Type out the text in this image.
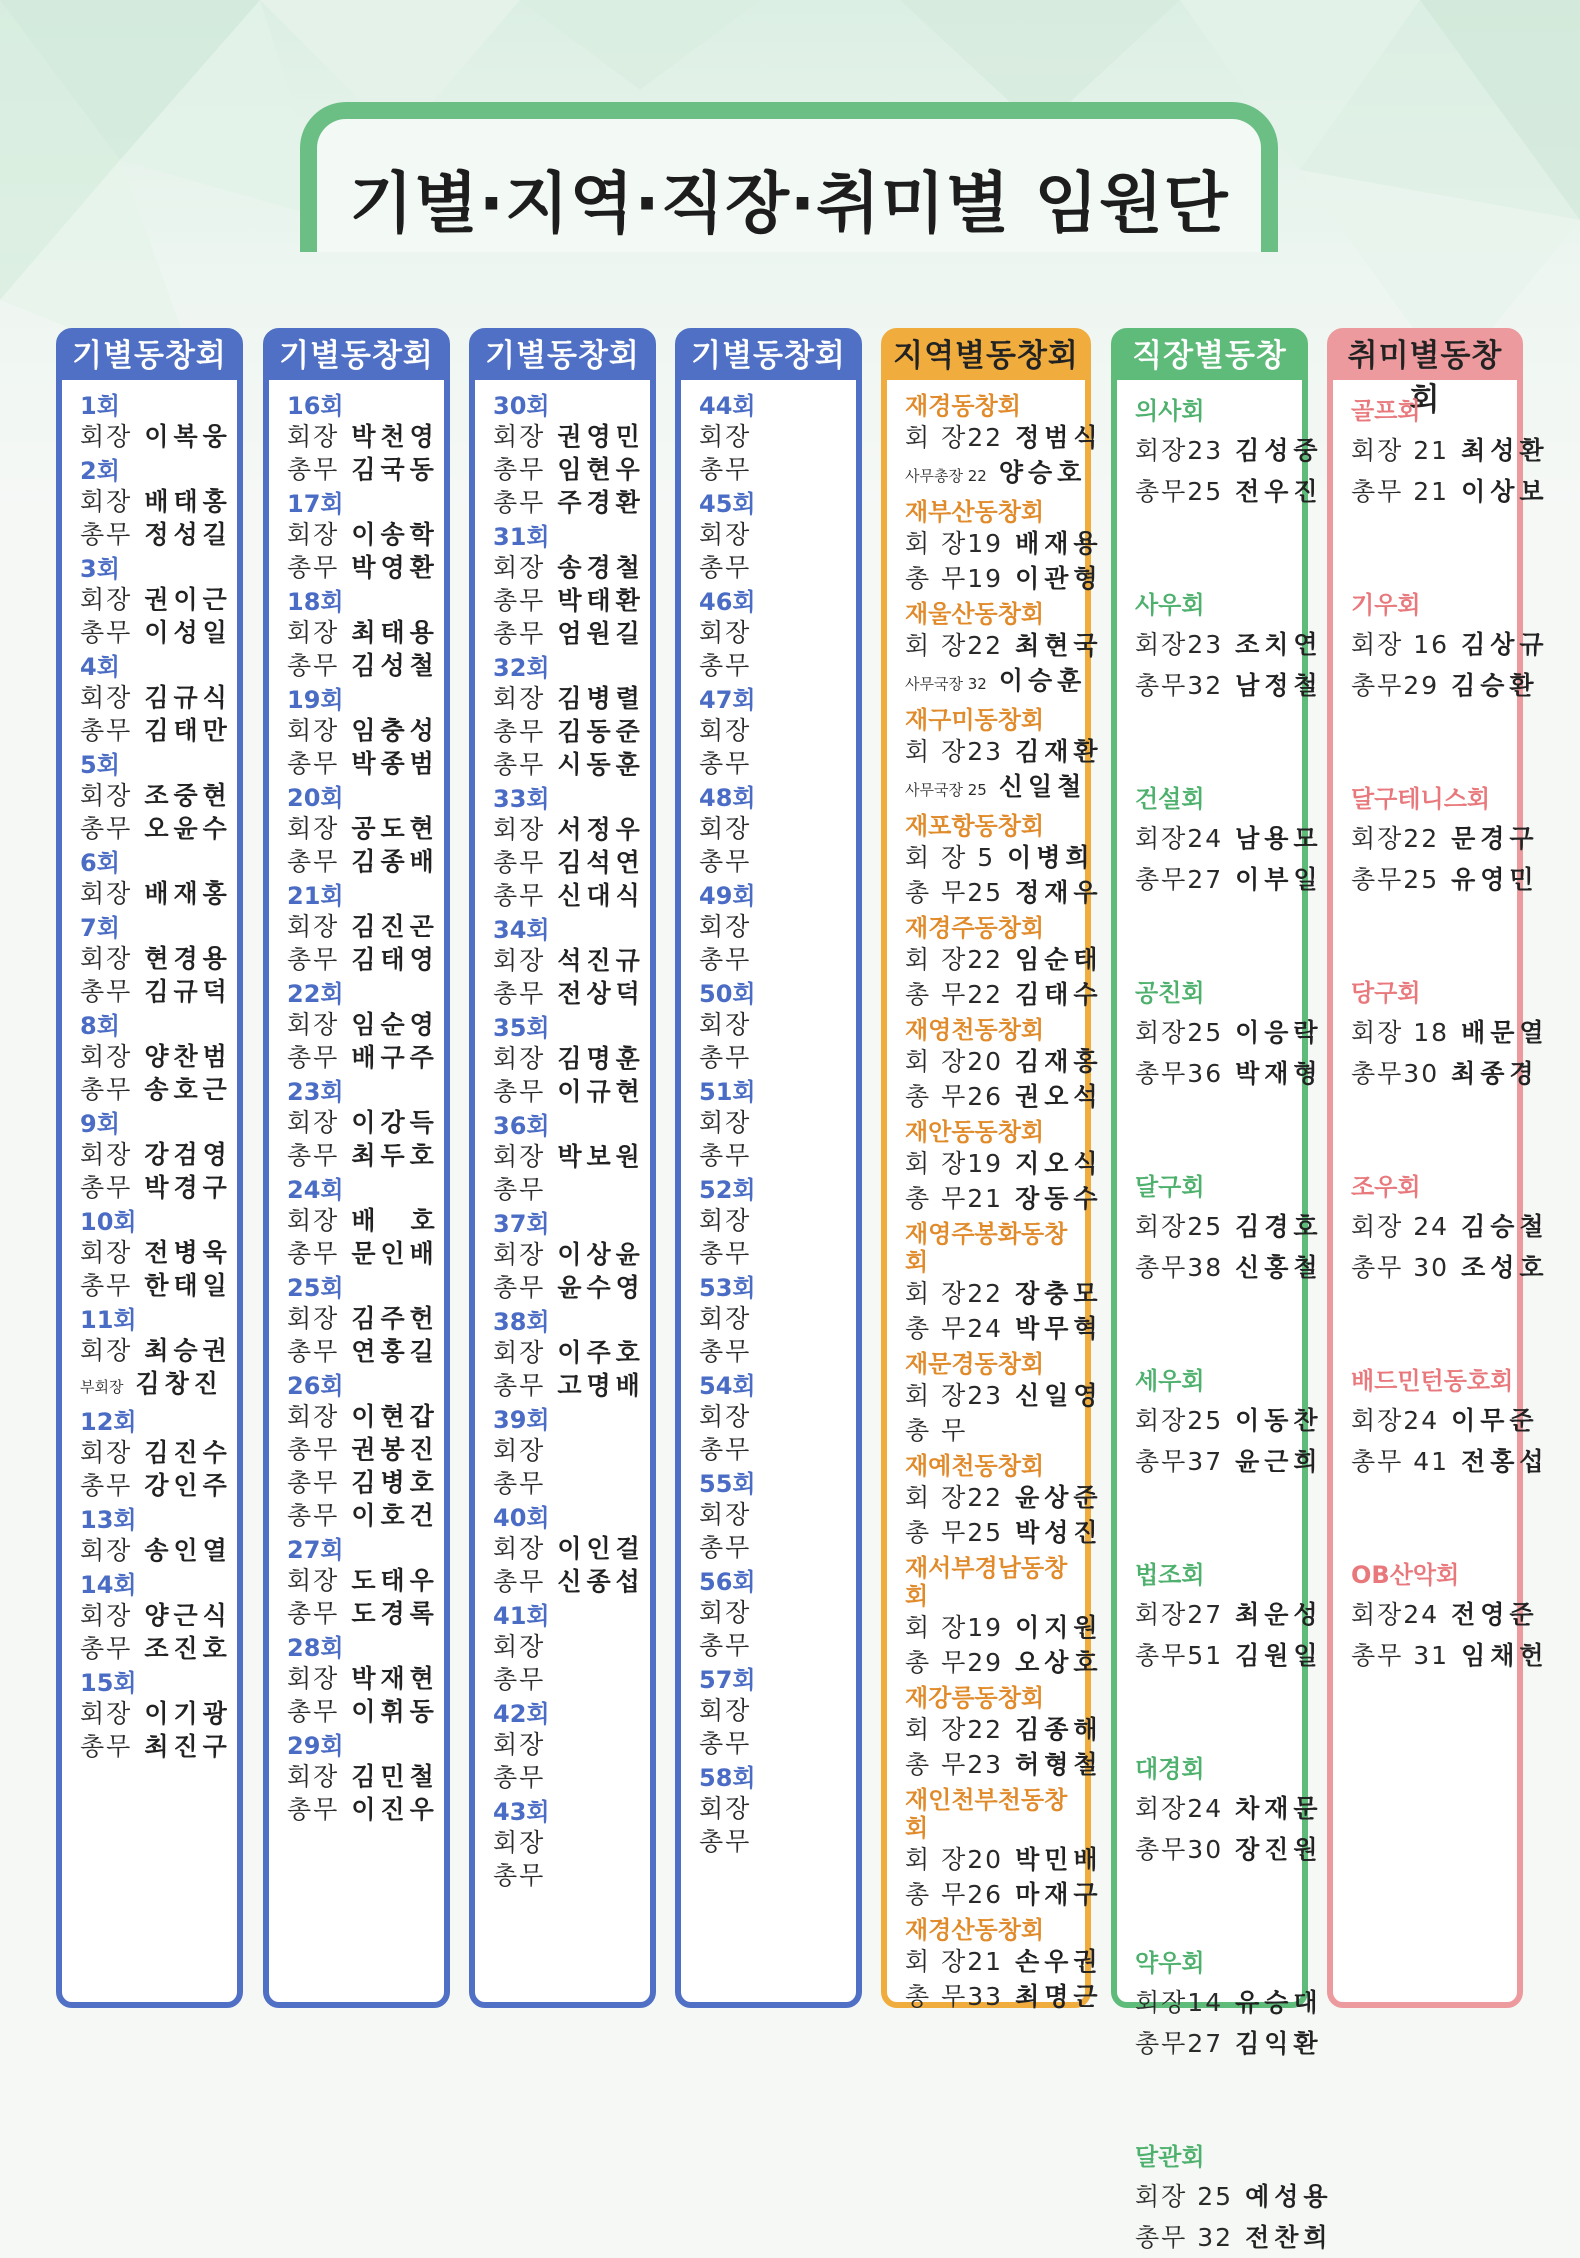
기별·지역·직장·취미별 임원단
기별동창회
1회
회장 이복웅
2회
회장 배태홍
총무 정성길
3회
회장 권이근
총무 이성일
4회
회장 김규식
총무 김태만
5회
회장 조중현
총무 오윤수
6회
회장 배재홍
7회
회장 현경용
총무 김규덕
8회
회장 양찬범
총무 송호근
9회
회장 강검영
총무 박경구
10회
회장 전병욱
총무 한태일
11회
회장 최승권
부회장 김창진
12회
회장 김진수
총무 강인주
13회
회장 송인열
14회
회장 양근식
총무 조진호
15회
회장 이기광
총무 최진구
기별동창회
16회
회장 박천영
총무 김국동
17회
회장 이송학
총무 박영환
18회
회장 최태용
총무 김성철
19회
회장 임충성
총무 박종범
20회
회장 공도현
총무 김종배
21회
회장 김진곤
총무 김태영
22회
회장 임순영
총무 배구주
23회
회장 이강득
총무 최두호
24회
회장 배　호
총무 문인배
25회
회장 김주헌
총무 연홍길
26회
회장 이현갑
총무 권봉진
총무 김병호
총무 이호건
27회
회장 도태우
총무 도경록
28회
회장 박재현
총무 이휘동
29회
회장 김민철
총무 이진우
기별동창회
30회
회장 권영민
총무 임현우
총무 주경환
31회
회장 송경철
총무 박태환
총무 엄원길
32회
회장 김병렬
총무 김동준
총무 시동훈
33회
회장 서정우
총무 김석연
총무 신대식
34회
회장 석진규
총무 전상덕
35회
회장 김명훈
총무 이규현
36회
회장 박보원
총무
37회
회장 이상윤
총무 윤수영
38회
회장 이주호
총무 고명배
39회
회장
총무
40회
회장 이인걸
총무 신종섭
41회
회장
총무
42회
회장
총무
43회
회장
총무
기별동창회
44회
회장
총무
45회
회장
총무
46회
회장
총무
47회
회장
총무
48회
회장
총무
49회
회장
총무
50회
회장
총무
51회
회장
총무
52회
회장
총무
53회
회장
총무
54회
회장
총무
55회
회장
총무
56회
회장
총무
57회
회장
총무
58회
회장
총무
지역별동창회
재경동창회
회 장22 정범식
사무총장 22 양승호
재부산동창회
회 장19 배재용
총 무19 이관형
재울산동창회
회 장22 최현국
사무국장 32 이승훈
재구미동창회
회 장23 김재환
사무국장 25 신일철
재포항동창회
회 장 5 이병희
총 무25 정재우
재경주동창회
회 장22 임순태
총 무22 김태수
재영천동창회
회 장20 김재홍
총 무26 권오석
재안동동창회
회 장19 지오식
총 무21 장동수
재영주봉화동창회
회 장22 장충모
총 무24 박무혁
재문경동창회
회 장23 신일영
총 무
재예천동창회
회 장22 윤상준
총 무25 박성진
재서부경남동창회
회 장19 이지원
총 무29 오상호
재강릉동창회
회 장22 김종해
총 무23 허형철
재인천부천동창회
회 장20 박민배
총 무26 마재구
재경산동창회
회 장21 손우권
총 무33 최명근
직장별동창회
의사회
회장23 김성중
총무25 전우진
사우회
회장23 조치연
총무32 남정철
건설회
회장24 남용모
총무27 이부일
공친회
회장25 이응락
총무36 박재형
달구회
회장25 김경호
총무38 신홍철
세우회
회장25 이동찬
총무37 윤근희
법조회
회장27 최운성
총무51 김원일
대경회
회장24 차재문
총무30 장진원
약우회
회장14 유승대
총무27 김익환
달관회
회장 25 예성용
총무 32 전찬희
취미별동창회
골프회
회장 21 최성환
총무 21 이상보
기우회
회장 16 김상규
총무29 김승환
달구테니스회
회장22 문경구
총무25 유영민
당구회
회장 18 배문열
총무30 최종경
조우회
회장 24 김승철
총무 30 조성호
배드민턴동호회
회장24 이무준
총무 41 전홍섭
OB산악회
회장24 전영준
총무 31 임채헌
